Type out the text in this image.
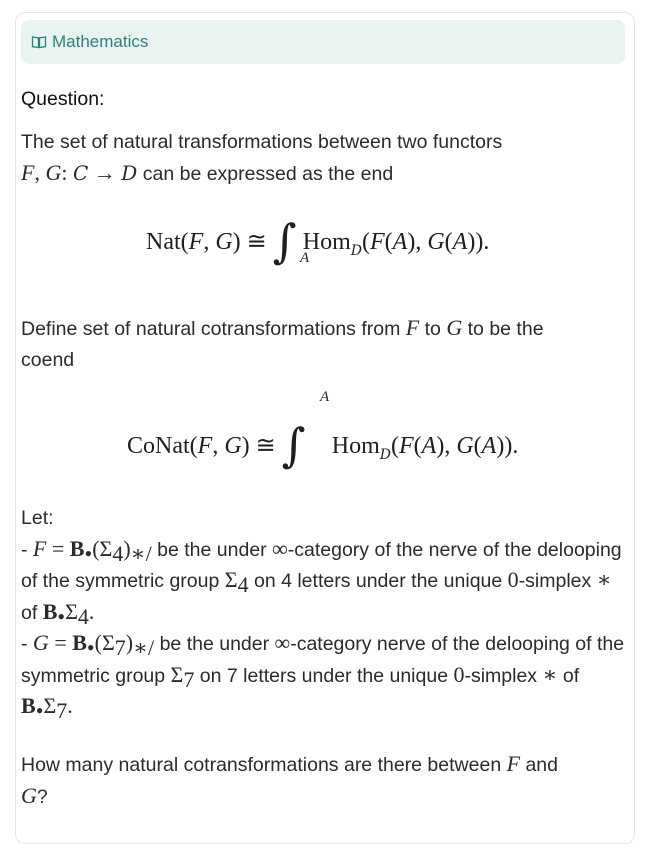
Mathematics
Question:
The set of natural transformations between two functors
F, G: C → D can be expressed as the end
Nat(F, G) ≅ ∫ Hom$_D$(F(A), G(A)).
A
Define set of natural cotransformations from F to G to be the
coend
A
CoNat(F, G) ≅ ∫ Hom$_D$(F(A), G(A)).
Let:
- $F = B_•(\Sigma_4)_{∗/}$ be the under ∞-category of the nerve of the delooping of the symmetric group $\Sigma_4$ on 4 letters under the unique 0-simplex ∗ of $B_•\Sigma_4$.
- $G = B_•(\Sigma_7)_{∗/}$ be the under ∞-category nerve of the delooping of the symmetric group $\Sigma_7$ on 7 letters under the unique 0-simplex ∗ of $B_•\Sigma_7$.
How many natural cotransformations are there between F and
G?
